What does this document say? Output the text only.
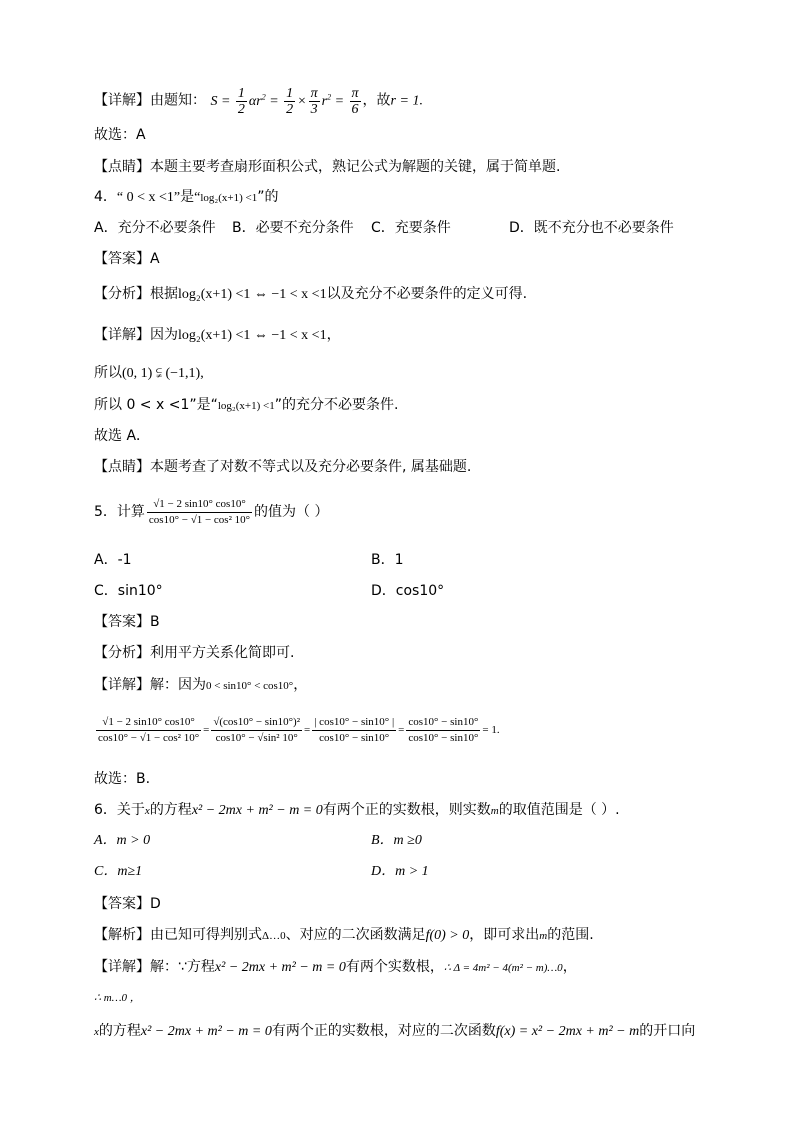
【详解】由题知： $S = \frac{1}{2} \alpha r^2 = \frac{1}{2} \times \frac{\pi}{3} r^2 = \frac{\pi}{6}$ ，故r = 1.
故选：A
【点睛】本题主要考查扇形面积公式，熟记公式为解题的关键，属于简单题.
4．“ 0 < x <1”是“log₂(x+1) <1”的
A．充分不必要条件 B．必要不充分条件 C．充要条件	D．既不充分也不必要条件
【答案】A
【分析】根据log₂(x+1) <1 ⇔ −1 < x <1以及充分不必要条件的定义可得.
【详解】因为log₂(x+1) <1 ⇔ −1 < x <1，
所以(0, 1) ⫋ (−1,1),
所以 0 < x <1”是“log₂(x+1) <1”的充分不必要条件.
故选 A．
【点睛】本题考查了对数不等式以及充分必要条件, 属基础题.
5．计算 $\frac{√1 - 2 \sin 10^\circ \cos 10^\circ}{\text{cos10° − √1 − cos² 10°}}$ 的值为（ ）
A．-1	B．1
C．sin10°	D．cos10°
【答案】B
【分析】利用平方关系化简即可.
【详解】解：因为0 < sin10° < cos10°，
$\frac{√1 - 2 \sin 10^\circ \cos 10^\circ}{\text{cos10° − √1 − cos² 10°}} = \frac{\text{√(cos10° − sin10°)²}}{\text{cos10° − √sin² 10°}} = \frac{| \cos 10^\circ - \sin 10^\circ |}{\cos 10^\circ - \sin 10^\circ} = \frac{\cos 10^\circ - \sin 10^\circ}{\cos 10^\circ - \sin 10^\circ} = 1$.
故选：B.
6．关于x的方程x² − 2mx + m² − m = 0有两个正的实数根，则实数m的取值范围是（ ）.
A．m > 0	B．m ≥0
C．m≥1	D．m > 1
【答案】D
【解析】由已知可得判别式Δ…0、对应的二次函数满足f(0) > 0，即可求出m的范围.
【详解】解：∵方程x² − 2mx + m² − m = 0有两个实数根，∴ Δ = 4m² − 4(m² − m)…0，
∴ m…0 ，
x的方程x² − 2mx + m² − m = 0有两个正的实数根，对应的二次函数f(x) = x² − 2mx + m² − m的开口向
